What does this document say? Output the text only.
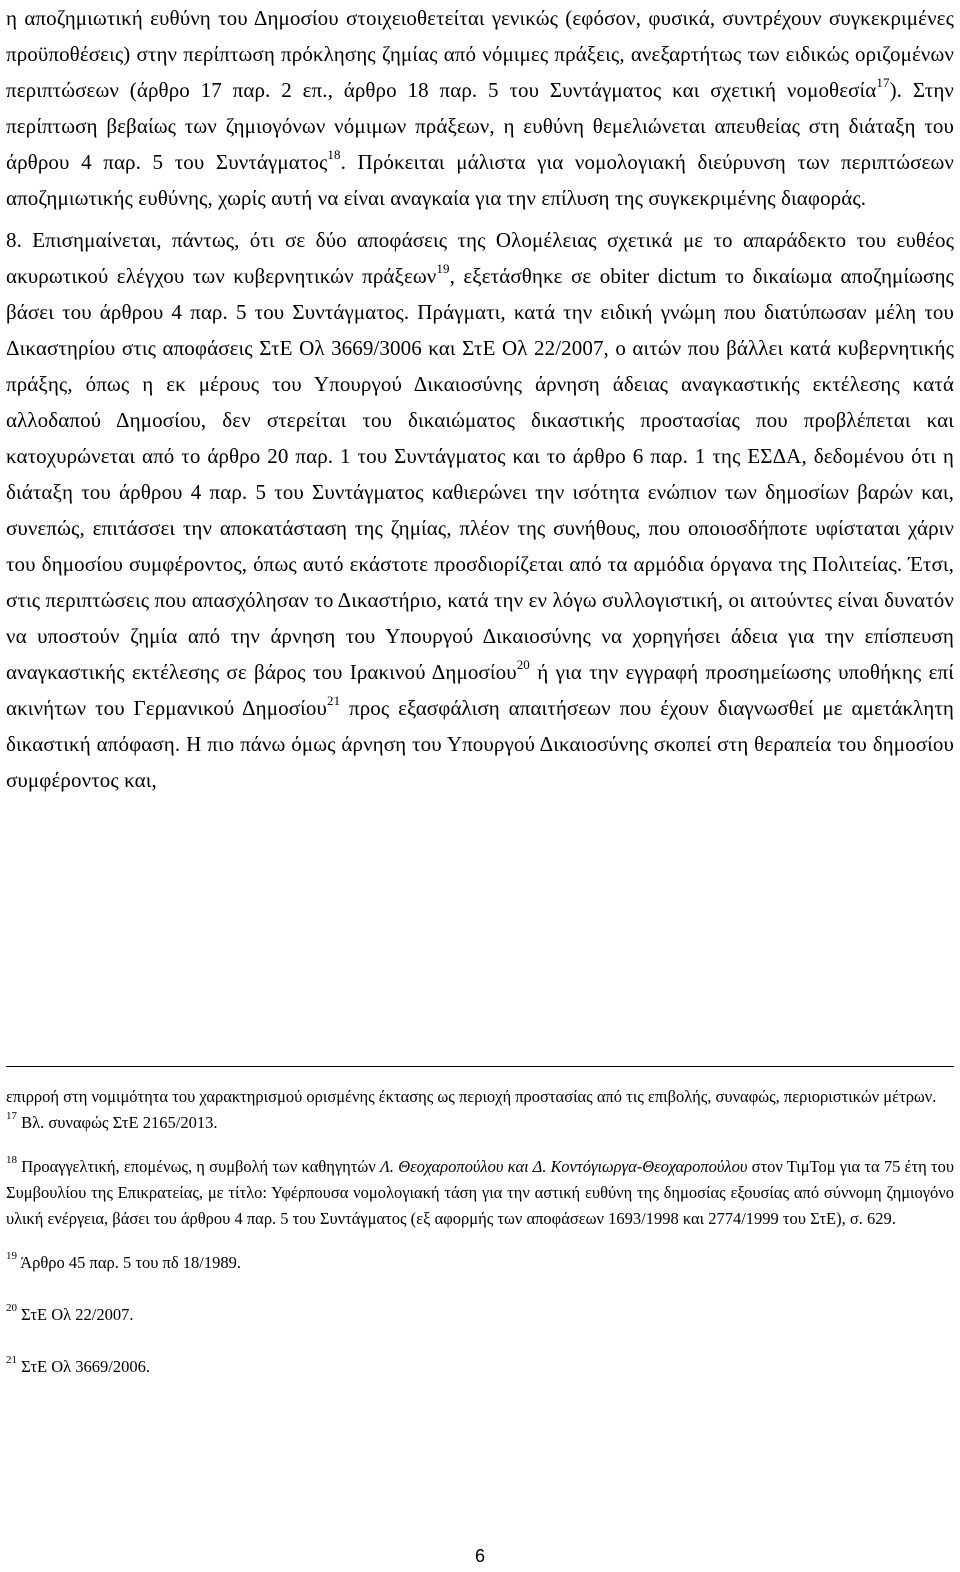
η αποζημιωτική ευθύνη του Δημοσίου στοιχειοθετείται γενικώς (εφόσον, φυσικά, συντρέχουν συγκεκριμένες προϋποθέσεις) στην περίπτωση πρόκλησης ζημίας από νόμιμες πράξεις, ανεξαρτήτως των ειδικώς οριζομένων περιπτώσεων (άρθρο 17 παρ. 2 επ., άρθρο 18 παρ. 5 του Συντάγματος και σχετική νομοθεσία$^{17}$). Στην περίπτωση βεβαίως των ζημιογόνων νόμιμων πράξεων, η ευθύνη θεμελιώνεται απευθείας στη διάταξη του άρθρου 4 παρ. 5 του Συντάγματος$^{18}$. Πρόκειται μάλιστα για νομολογιακή διεύρυνση των περιπτώσεων αποζημιωτικής ευθύνης, χωρίς αυτή να είναι αναγκαία για την επίλυση της συγκεκριμένης διαφοράς.

8. Επισημαίνεται, πάντως, ότι σε δύο αποφάσεις της Ολομέλειας σχετικά με το απαράδεκτο του ευθέος ακυρωτικού ελέγχου των κυβερνητικών πράξεων$^{19}$, εξετάσθηκε σε obiter dictum το δικαίωμα αποζημίωσης βάσει του άρθρου 4 παρ. 5 του Συντάγματος. Πράγματι, κατά την ειδική γνώμη που διατύπωσαν μέλη του Δικαστηρίου στις αποφάσεις ΣτΕ Ολ 3669/3006 και ΣτΕ Ολ 22/2007, ο αιτών που βάλλει κατά κυβερνητικής πράξης, όπως η εκ μέρους του Υπουργού Δικαιοσύνης άρνηση άδειας αναγκαστικής εκτέλεσης κατά αλλοδαπού Δημοσίου, δεν στερείται του δικαιώματος δικαστικής προστασίας που προβλέπεται και κατοχυρώνεται από το άρθρο 20 παρ. 1 του Συντάγματος και το άρθρο 6 παρ. 1 της ΕΣΔΑ, δεδομένου ότι η διάταξη του άρθρου 4 παρ. 5 του Συντάγματος καθιερώνει την ισότητα ενώπιον των δημοσίων βαρών και, συνεπώς, επιτάσσει την αποκατάσταση της ζημίας, πλέον της συνήθους, που οποιοσδήποτε υφίσταται χάριν του δημοσίου συμφέροντος, όπως αυτό εκάστοτε προσδιορίζεται από τα αρμόδια όργανα της Πολιτείας. Έτσι, στις περιπτώσεις που απασχόλησαν το Δικαστήριο, κατά την εν λόγω συλλογιστική, οι αιτούντες είναι δυνατόν να υποστούν ζημία από την άρνηση του Υπουργού Δικαιοσύνης να χορηγήσει άδεια για την επίσπευση αναγκαστικής εκτέλεσης σε βάρος του Ιρακινού Δημοσίου$^{20}$ ή για την εγγραφή προσημείωσης υποθήκης επί ακινήτων του Γερμανικού Δημοσίου$^{21}$ προς εξασφάλιση απαιτήσεων που έχουν διαγνωσθεί με αμετάκλητη δικαστική απόφαση. Η πιο πάνω όμως άρνηση του Υπουργού Δικαιοσύνης σκοπεί στη θεραπεία του δημοσίου συμφέροντος και,

επιρροή στη νομιμότητα του χαρακτηρισμού ορισμένης έκτασης ως περιοχή προστασίας από τις επιβολής, συναφώς, περιοριστικών μέτρων.

$^{17}$ Βλ. συναφώς ΣτΕ 2165/2013.

$^{18}$ Προαγγελτική, επομένως, η συμβολή των καθηγητών Λ. Θεοχαροπούλου και Δ. Κοντόγιωργα-Θεοχαροπούλου στον ΤιμΤομ για τα 75 έτη του Συμβουλίου της Επικρατείας, με τίτλο: Υφέρπουσα νομολογιακή τάση για την αστική ευθύνη της δημοσίας εξουσίας από σύννομη ζημιογόνο υλική ενέργεια, βάσει του άρθρου 4 παρ. 5 του Συντάγματος (εξ αφορμής των αποφάσεων 1693/1998 και 2774/1999 του ΣτΕ), σ. 629.

$^{19}$ Άρθρο 45 παρ. 5 του πδ 18/1989.

$^{20}$ ΣτΕ Ολ 22/2007.

$^{21}$ ΣτΕ Ολ 3669/2006.

6
